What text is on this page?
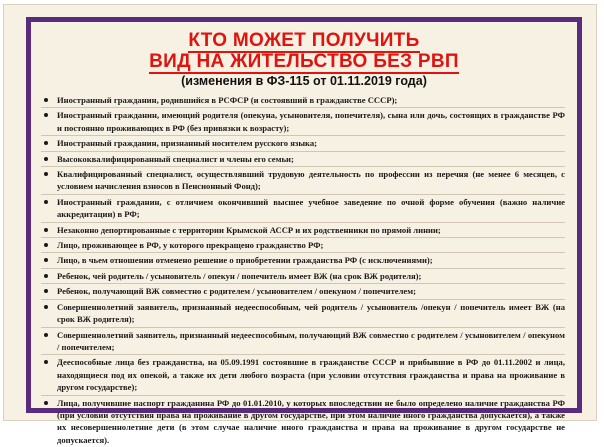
КТО МОЖЕТ ПОЛУЧИТЬ
ВИД НА ЖИТЕЛЬСТВО БЕЗ РВП
(изменения в ФЗ-115 от 01.11.2019 года)
Иностранный гражданин, родившийся в РСФСР (и состоявший в гражданстве СССР);
Иностранный гражданин, имеющий родителя (опекуна, усыновителя, попечителя), сына или дочь, состоящих в гражданстве РФ и постоянно проживающих в РФ (без привязки к возрасту);
Иностранный гражданин, признанный носителем русского языка;
Высококвалифицированный специалист и члены его семьи;
Квалифицированный специалист, осуществлявший трудовую деятельность по профессии из перечня (не менее 6 месяцев, с условием начисления взносов в Пенсионный Фонд);
Иностранный гражданин, с отличием окончивший высшее учебное заведение по очной форме обучения (важно наличие аккредитации) в РФ;
Незаконно депортированные с территории Крымской АССР и их родственники по прямой линии;
Лицо, проживающее в РФ, у которого прекращено гражданство РФ;
Лицо, в чьем отношении отменено решение о приобретении гражданства РФ (с исключениями);
Ребенок, чей родитель / усыновитель / опекун / попечитель имеет ВЖ (на срок ВЖ родителя);
Ребенок, получающий ВЖ совместно с родителем / усыновителем / опекуном / попечителем;
Совершеннолетний заявитель, признанный недееспособным, чей родитель / усыновитель /опекун / попечитель имеет ВЖ (на срок ВЖ родителя);
Совершеннолетний заявитель, признанный недееспособным, получающий ВЖ совместно с родителем / усыновителем / опекуном / попечителем;
Дееспособные лица без гражданства, на 05.09.1991 состоявшие в гражданстве СССР и прибывшие в РФ до 01.11.2002 и лица, находящиеся под их опекой, а также их дети любого возраста (при условии отсутствия гражданства и права на проживание в другом государстве);
Лица, получившие паспорт гражданина РФ до 01.01.2010, у которых впоследствии не было определено наличие гражданства РФ (при условии отсутствия права на проживание в другом государстве, при этом наличие иного гражданства допускается), а также их несовершеннолетние дети (в этом случае наличие иного гражданства и права на проживание в другом государстве не допускается).
